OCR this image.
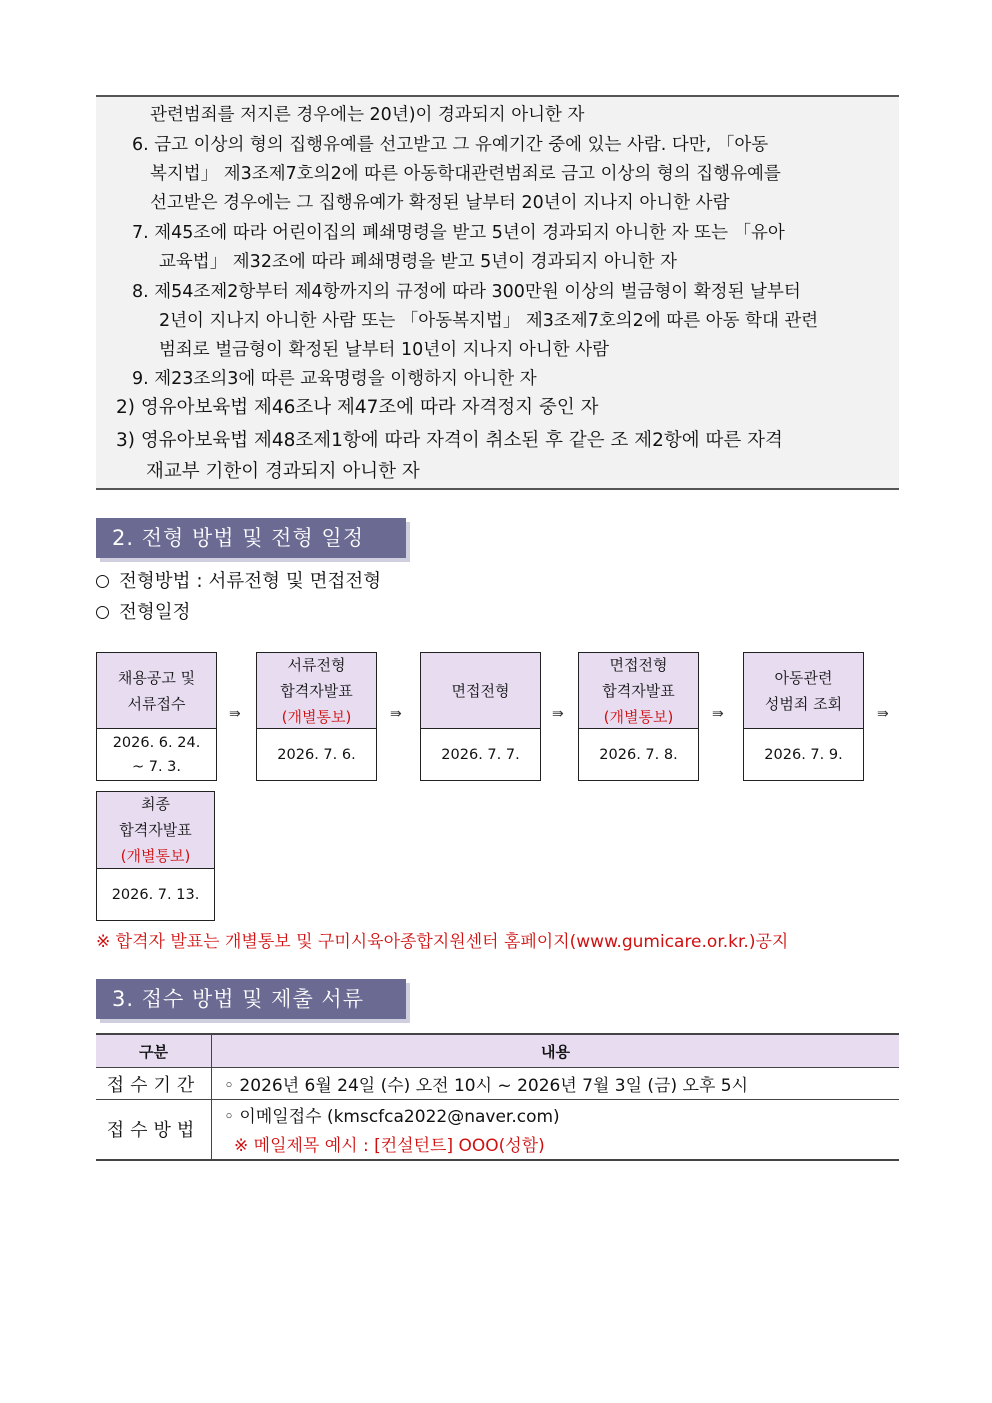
관련범죄를 저지른 경우에는 20년)이 경과되지 아니한 자
6. 금고 이상의 형의 집행유예를 선고받고 그 유예기간 중에 있는 사람. 다만, 「아동
복지법」 제3조제7호의2에 따른 아동학대관련범죄로 금고 이상의 형의 집행유예를
선고받은 경우에는 그 집행유예가 확정된 날부터 20년이 지나지 아니한 사람
7. 제45조에 따라 어린이집의 폐쇄명령을 받고 5년이 경과되지 아니한 자 또는 「유아
교육법」 제32조에 따라 폐쇄명령을 받고 5년이 경과되지 아니한 자
8. 제54조제2항부터 제4항까지의 규정에 따라 300만원 이상의 벌금형이 확정된 날부터
2년이 지나지 아니한 사람 또는 「아동복지법」 제3조제7호의2에 따른 아동 학대 관련
범죄로 벌금형이 확정된 날부터 10년이 지나지 아니한 사람
9. 제23조의3에 따른 교육명령을 이행하지 아니한 자
2) 영유아보육법 제46조나 제47조에 따라 자격정지 중인 자
3) 영유아보육법 제48조제1항에 따라 자격이 취소된 후 같은 조 제2항에 따른 자격
재교부 기한이 경과되지 아니한 자
2. 전형 방법 및 전형 일정
전형방법 : 서류전형 및 면접전형
전형일정
채용공고 및
서류접수
2026. 6. 24.
~ 7. 3.
⇛
서류전형
합격자발표
(개별통보)
2026. 7. 6.
⇛
면접전형
2026. 7. 7.
⇛
면접전형
합격자발표
(개별통보)
2026. 7. 8.
⇛
아동관련
성범죄 조회
2026. 7. 9.
⇛
최종
합격자발표
(개별통보)
2026. 7. 13.
※ 합격자 발표는 개별통보 및 구미시육아종합지원센터 홈페이지(www.gumicare.or.kr.)공지
3. 접수 방법 및 제출 서류
구분	내용
접수기간	◦ 2026년 6월 24일 (수) 오전 10시 ~ 2026년 7월 3일 (금) 오후 5시
접수방법	◦ 이메일접수 (kmscfca2022@naver.com)
※ 메일제목 예시 : [컨설턴트] OOO(성함)
